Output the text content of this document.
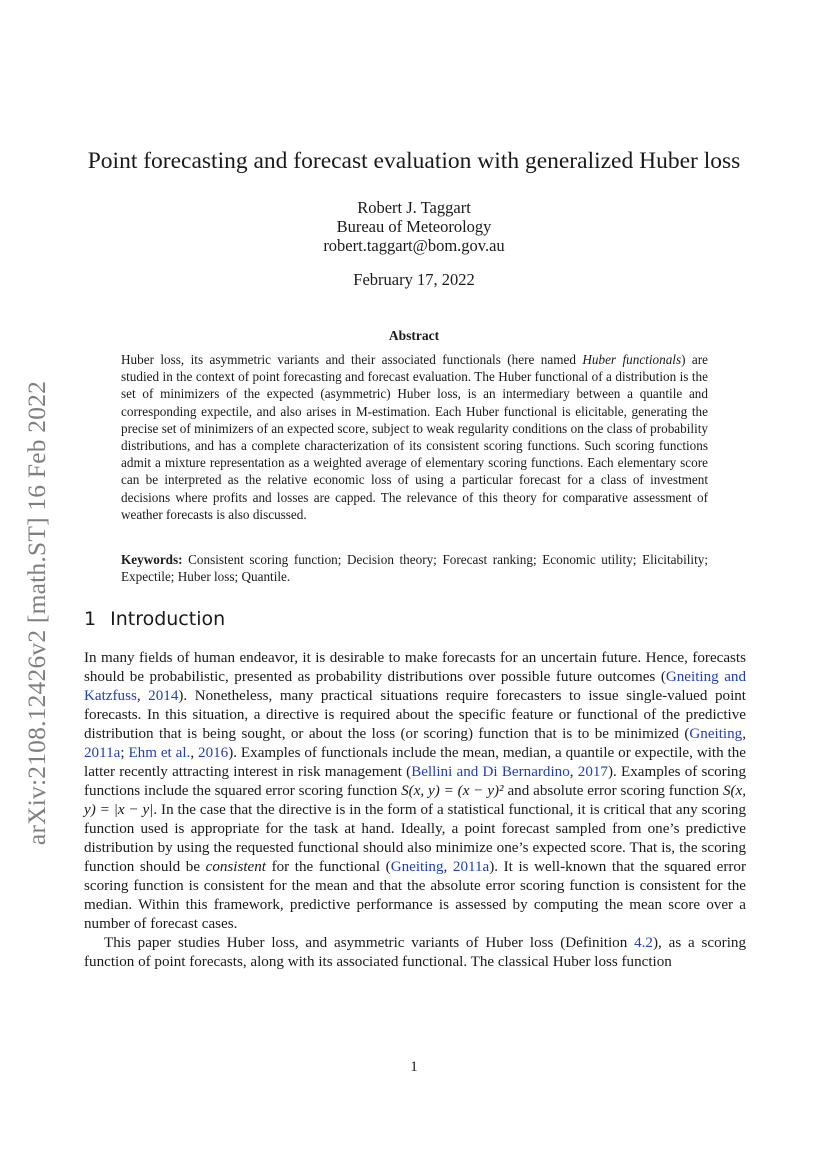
arXiv:2108.12426v2 [math.ST] 16 Feb 2022
Point forecasting and forecast evaluation with generalized Huber loss
Robert J. Taggart
Bureau of Meteorology
robert.taggart@bom.gov.au
February 17, 2022
Abstract
Huber loss, its asymmetric variants and their associated functionals (here named Huber functionals) are studied in the context of point forecasting and forecast evaluation. The Huber functional of a distribution is the set of minimizers of the expected (asymmetric) Huber loss, is an intermediary between a quantile and corresponding expectile, and also arises in M-estimation. Each Huber functional is elicitable, generating the precise set of minimizers of an expected score, subject to weak regularity conditions on the class of probability distributions, and has a complete characterization of its consistent scoring functions. Such scoring functions admit a mixture representation as a weighted average of elementary scoring functions. Each elementary score can be interpreted as the relative economic loss of using a particular forecast for a class of investment decisions where profits and losses are capped. The relevance of this theory for comparative assessment of weather forecasts is also discussed.
Keywords: Consistent scoring function; Decision theory; Forecast ranking; Economic utility; Elicitability; Expectile; Huber loss; Quantile.
1 Introduction

In many fields of human endeavor, it is desirable to make forecasts for an uncertain future. Hence, forecasts should be probabilistic, presented as probability distributions over possible future outcomes (Gneiting and Katzfuss, 2014). Nonetheless, many practical situations require forecasters to issue single-valued point forecasts. In this situation, a directive is required about the specific feature or functional of the predictive distribution that is being sought, or about the loss (or scoring) function that is to be minimized (Gneiting, 2011a; Ehm et al., 2016). Examples of functionals include the mean, median, a quantile or expectile, with the latter recently attracting interest in risk management (Bellini and Di Bernardino, 2017). Examples of scoring functions include the squared error scoring function S(x, y) = (x − y)² and absolute error scoring function S(x, y) = |x − y|. In the case that the directive is in the form of a statistical functional, it is critical that any scoring function used is appropriate for the task at hand. Ideally, a point forecast sampled from one’s predictive distribution by using the requested functional should also minimize one’s expected score. That is, the scoring function should be consistent for the functional (Gneiting, 2011a). It is well-known that the squared error scoring function is consistent for the mean and that the absolute error scoring function is consistent for the median. Within this framework, predictive performance is assessed by computing the mean score over a number of forecast cases.

This paper studies Huber loss, and asymmetric variants of Huber loss (Definition 4.2), as a scoring function of point forecasts, along with its associated functional. The classical Huber loss function

1
